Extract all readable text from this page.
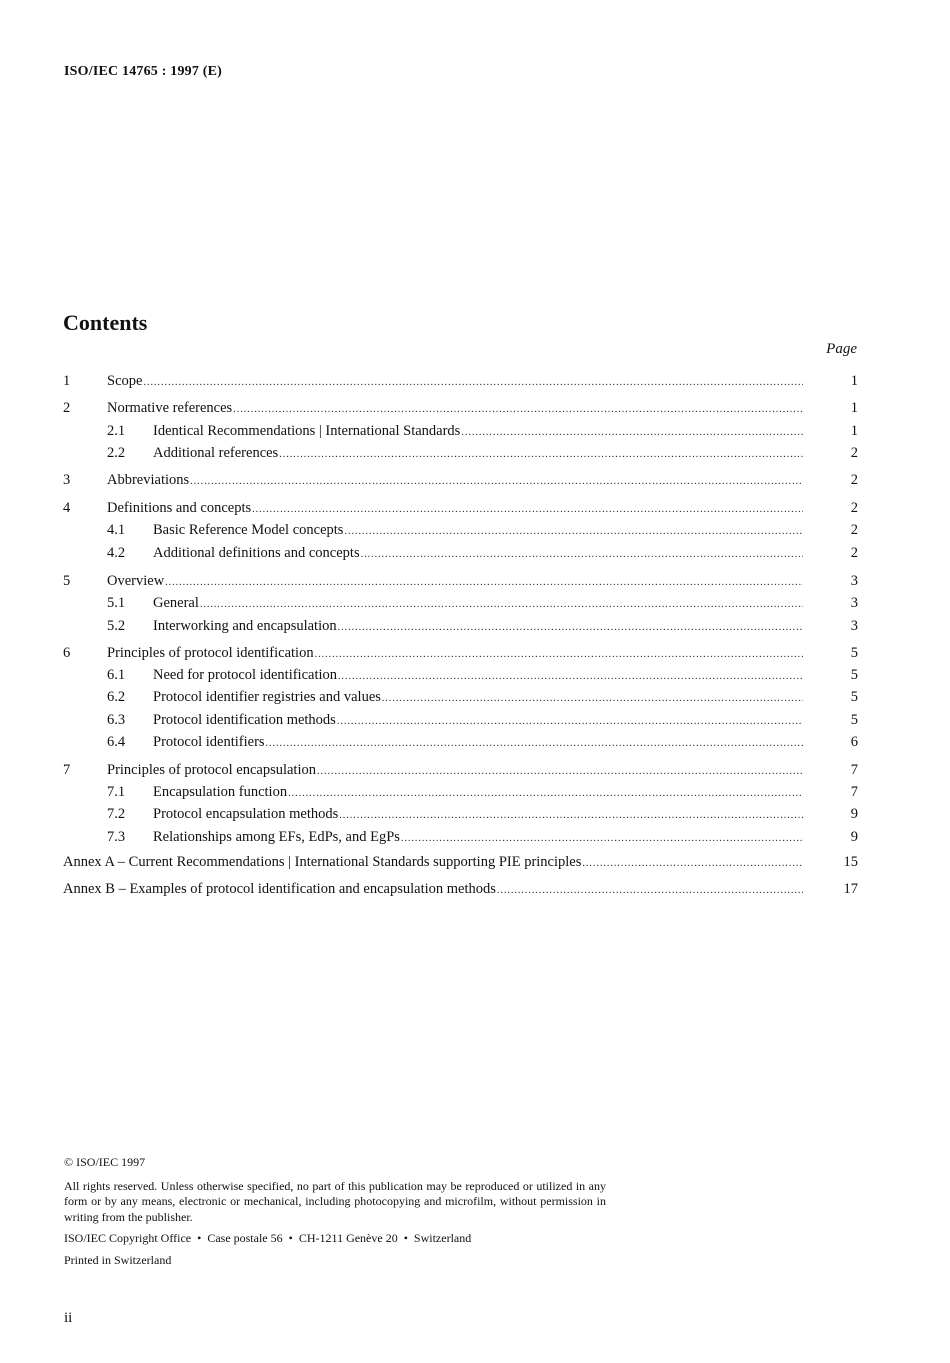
ISO/IEC 14765 : 1997 (E)
Contents
Page
1	Scope .....	1
2	Normative references .....	1
2.1 Identical Recommendations | International Standards .....	1
2.2 Additional references .....	2
3	Abbreviations .....	2
4	Definitions and concepts .....	2
4.1 Basic Reference Model concepts .....	2
4.2 Additional definitions and concepts .....	2
5	Overview .....	3
5.1 General .....	3
5.2 Interworking and encapsulation .....	3
6	Principles of protocol identification .....	5
6.1 Need for protocol identification .....	5
6.2 Protocol identifier registries and values .....	5
6.3 Protocol identification methods .....	5
6.4 Protocol identifiers .....	6
7	Principles of protocol encapsulation .....	7
7.1 Encapsulation function .....	7
7.2 Protocol encapsulation methods .....	9
7.3 Relationships among EFs, EdPs, and EgPs .....	9
Annex A – Current Recommendations | International Standards supporting PIE principles .....	15
Annex B – Examples of protocol identification and encapsulation methods .....	17

© ISO/IEC 1997

All rights reserved. Unless otherwise specified, no part of this publication may be reproduced or utilized in any form or by any means, electronic or mechanical, including photocopying and microfilm, without permission in writing from the publisher.

ISO/IEC Copyright Office • Case postale 56 • CH-1211 Genève 20 • Switzerland

Printed in Switzerland

ii
